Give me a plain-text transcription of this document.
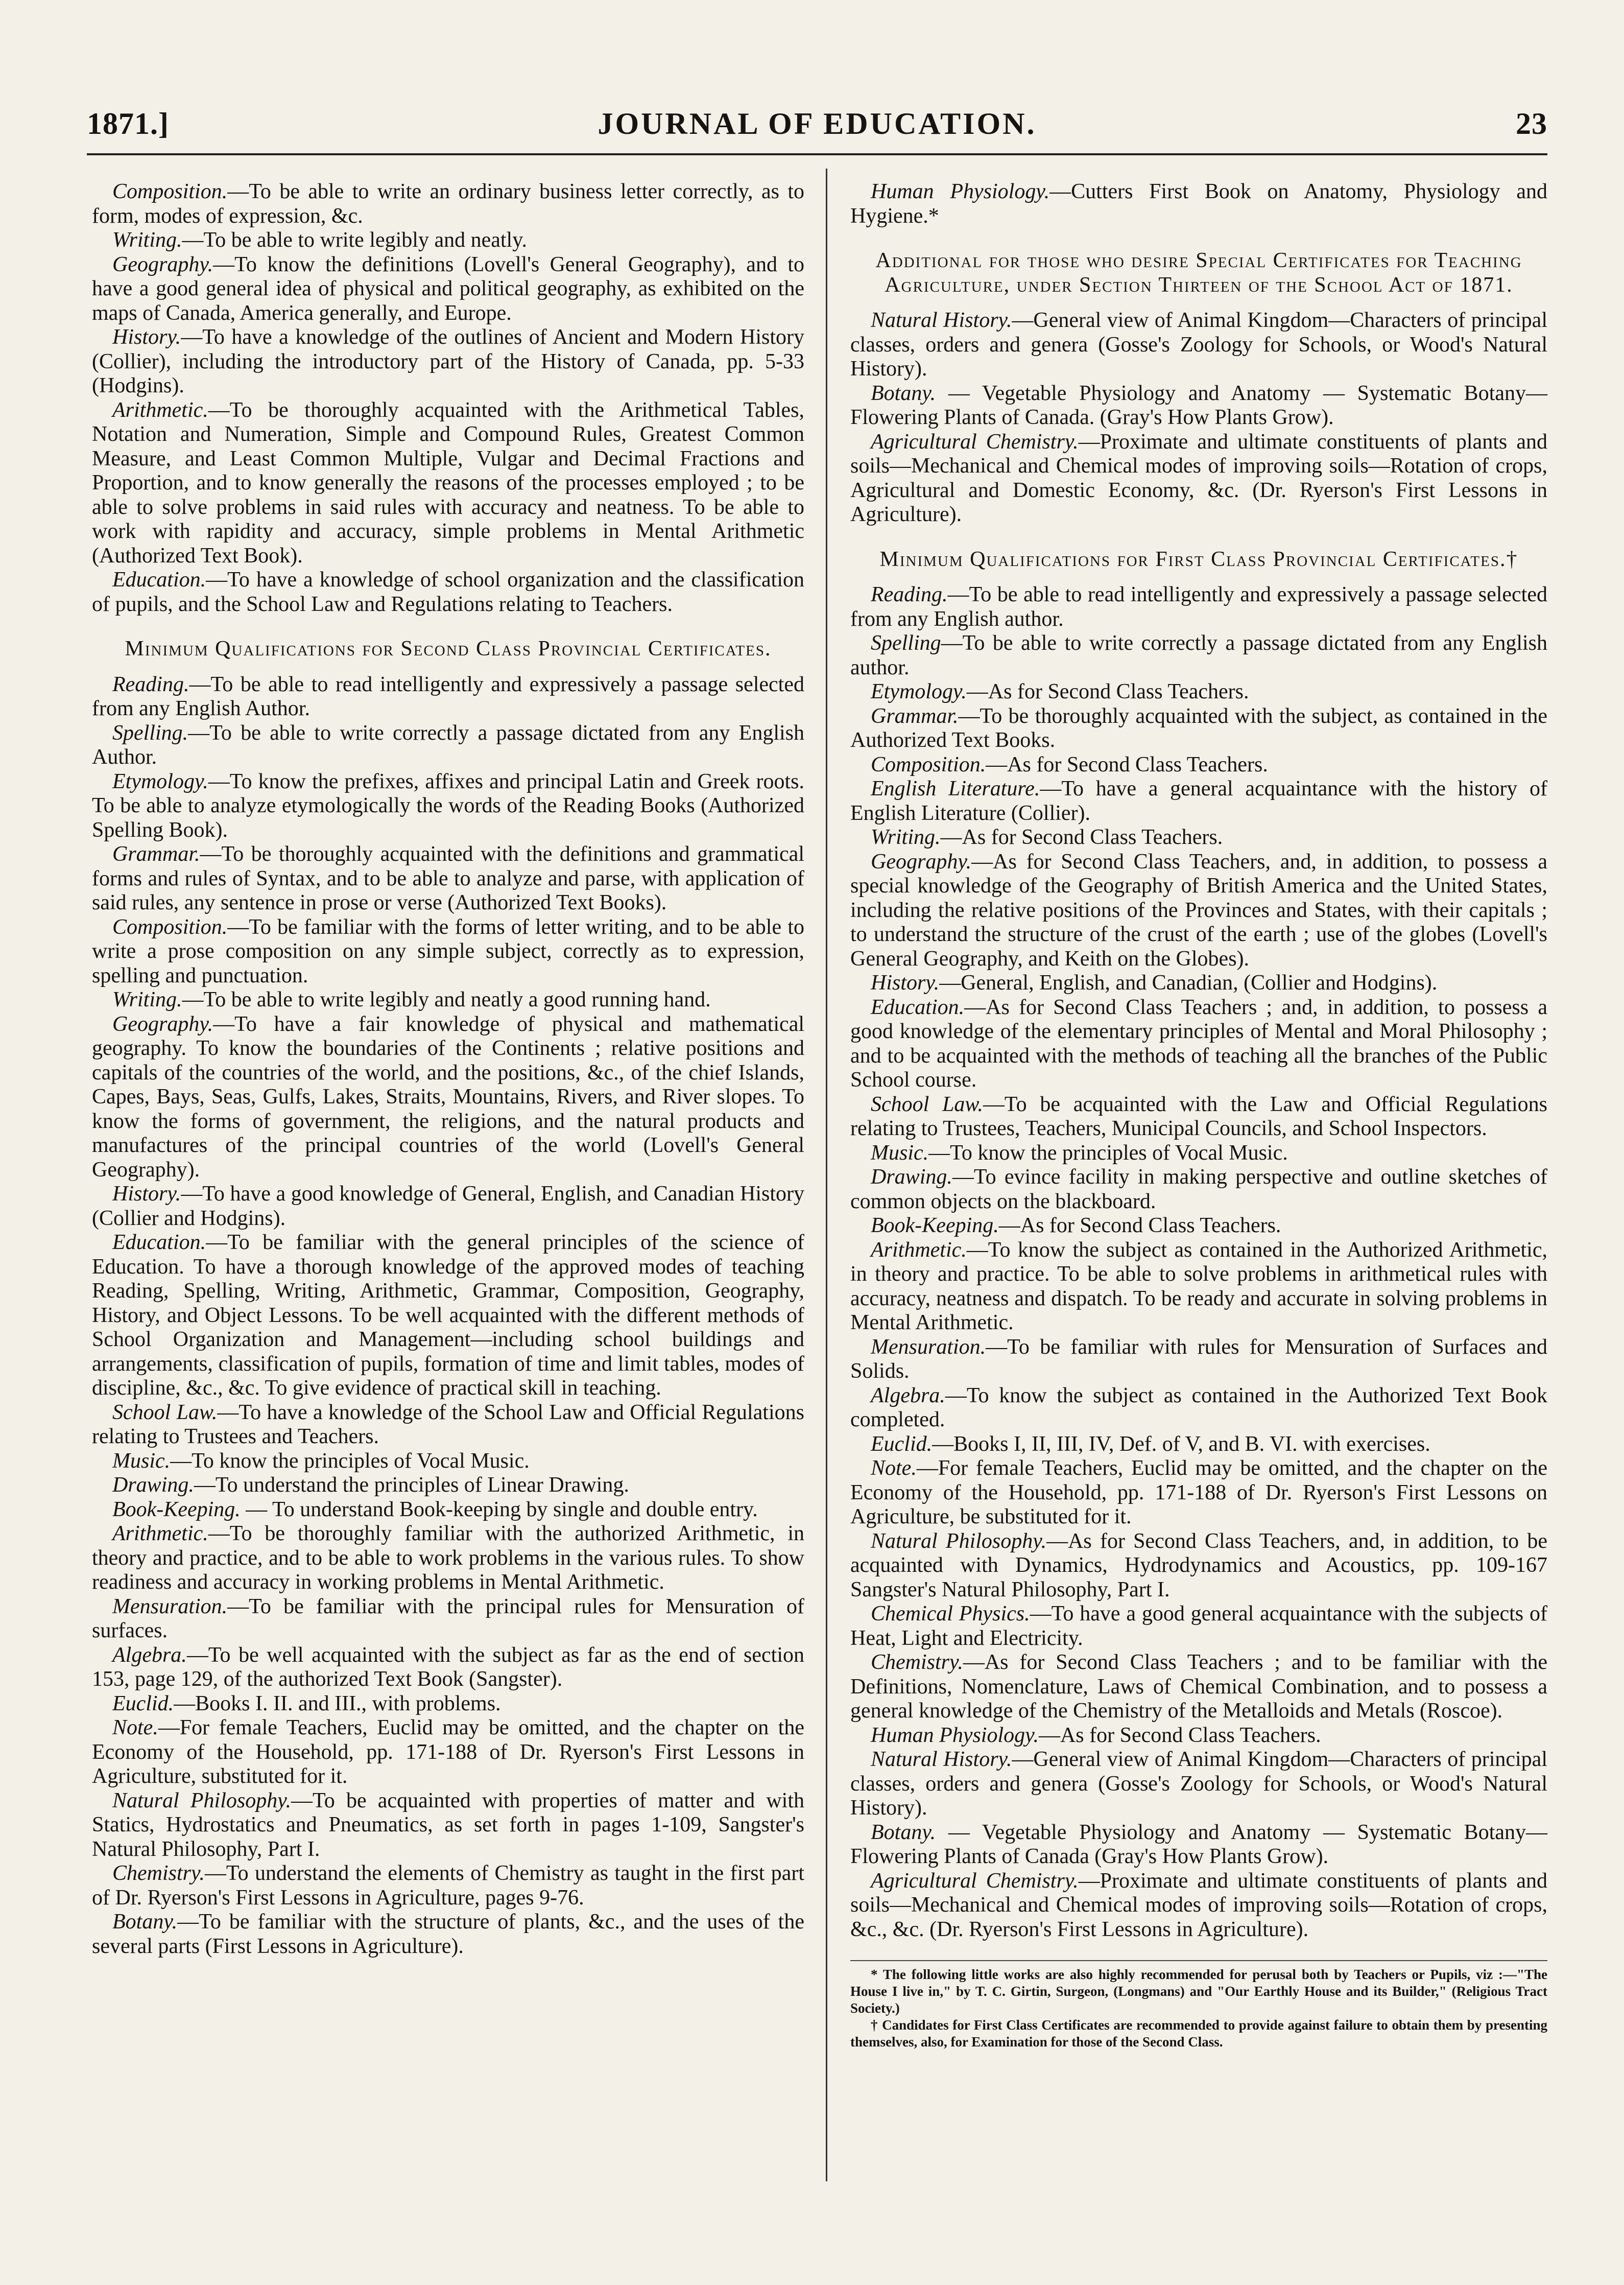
1871.]	JOURNAL OF EDUCATION.	23

Composition.—To be able to write an ordinary business letter correctly, as to form, modes of expression, &c.

Writing.—To be able to write legibly and neatly.

Geography.—To know the definitions (Lovell's General Geography), and to have a good general idea of physical and political geography, as exhibited on the maps of Canada, America generally, and Europe.

History.—To have a knowledge of the outlines of Ancient and Modern History (Collier), including the introductory part of the History of Canada, pp. 5-33 (Hodgins).

Arithmetic.—To be thoroughly acquainted with the Arithmetical Tables, Notation and Numeration, Simple and Compound Rules, Greatest Common Measure, and Least Common Multiple, Vulgar and Decimal Fractions and Proportion, and to know generally the reasons of the processes employed ; to be able to solve problems in said rules with accuracy and neatness. To be able to work with rapidity and accuracy, simple problems in Mental Arithmetic (Authorized Text Book).

Education.—To have a knowledge of school organization and the classification of pupils, and the School Law and Regulations relating to Teachers.

Minimum Qualifications for Second Class Provincial Certificates.

Reading.—To be able to read intelligently and expressively a passage selected from any English Author.

Spelling.—To be able to write correctly a passage dictated from any English Author.

Etymology.—To know the prefixes, affixes and principal Latin and Greek roots. To be able to analyze etymologically the words of the Reading Books (Authorized Spelling Book).

Grammar.—To be thoroughly acquainted with the definitions and grammatical forms and rules of Syntax, and to be able to analyze and parse, with application of said rules, any sentence in prose or verse (Authorized Text Books).

Composition.—To be familiar with the forms of letter writing, and to be able to write a prose composition on any simple subject, correctly as to expression, spelling and punctuation.

Writing.—To be able to write legibly and neatly a good running hand.

Geography.—To have a fair knowledge of physical and mathematical geography. To know the boundaries of the Continents ; relative positions and capitals of the countries of the world, and the positions, &c., of the chief Islands, Capes, Bays, Seas, Gulfs, Lakes, Straits, Mountains, Rivers, and River slopes. To know the forms of government, the religions, and the natural products and manufactures of the principal countries of the world (Lovell's General Geography).

History.—To have a good knowledge of General, English, and Canadian History (Collier and Hodgins).

Education.—To be familiar with the general principles of the science of Education. To have a thorough knowledge of the approved modes of teaching Reading, Spelling, Writing, Arithmetic, Grammar, Composition, Geography, History, and Object Lessons. To be well acquainted with the different methods of School Organization and Management—including school buildings and arrangements, classification of pupils, formation of time and limit tables, modes of discipline, &c., &c. To give evidence of practical skill in teaching.

School Law.—To have a knowledge of the School Law and Official Regulations relating to Trustees and Teachers.

Music.—To know the principles of Vocal Music.

Drawing.—To understand the principles of Linear Drawing.

Book-Keeping. — To understand Book-keeping by single and double entry.

Arithmetic.—To be thoroughly familiar with the authorized Arithmetic, in theory and practice, and to be able to work problems in the various rules. To show readiness and accuracy in working problems in Mental Arithmetic.

Mensuration.—To be familiar with the principal rules for Mensuration of surfaces.

Algebra.—To be well acquainted with the subject as far as the end of section 153, page 129, of the authorized Text Book (Sangster).

Euclid.—Books I. II. and III., with problems.

Note.—For female Teachers, Euclid may be omitted, and the chapter on the Economy of the Household, pp. 171-188 of Dr. Ryerson's First Lessons in Agriculture, substituted for it.

Natural Philosophy.—To be acquainted with properties of matter and with Statics, Hydrostatics and Pneumatics, as set forth in pages 1-109, Sangster's Natural Philosophy, Part I.

Chemistry.—To understand the elements of Chemistry as taught in the first part of Dr. Ryerson's First Lessons in Agriculture, pages 9-76.

Botany.—To be familiar with the structure of plants, &c., and the uses of the several parts (First Lessons in Agriculture).

Human Physiology.—Cutters First Book on Anatomy, Physiology and Hygiene.*

Additional for those who desire Special Certificates for Teaching Agriculture, under Section Thirteen of the School Act of 1871.

Natural History.—General view of Animal Kingdom—Characters of principal classes, orders and genera (Gosse's Zoology for Schools, or Wood's Natural History).

Botany. — Vegetable Physiology and Anatomy — Systematic Botany—Flowering Plants of Canada. (Gray's How Plants Grow).

Agricultural Chemistry.—Proximate and ultimate constituents of plants and soils—Mechanical and Chemical modes of improving soils—Rotation of crops, Agricultural and Domestic Economy, &c. (Dr. Ryerson's First Lessons in Agriculture).

Minimum Qualifications for First Class Provincial Certificates.†

Reading.—To be able to read intelligently and expressively a passage selected from any English author.

Spelling—To be able to write correctly a passage dictated from any English author.

Etymology.—As for Second Class Teachers.

Grammar.—To be thoroughly acquainted with the subject, as contained in the Authorized Text Books.

Composition.—As for Second Class Teachers.

English Literature.—To have a general acquaintance with the history of English Literature (Collier).

Writing.—As for Second Class Teachers.

Geography.—As for Second Class Teachers, and, in addition, to possess a special knowledge of the Geography of British America and the United States, including the relative positions of the Provinces and States, with their capitals ; to understand the structure of the crust of the earth ; use of the globes (Lovell's General Geography, and Keith on the Globes).

History.—General, English, and Canadian, (Collier and Hodgins).

Education.—As for Second Class Teachers ; and, in addition, to possess a good knowledge of the elementary principles of Mental and Moral Philosophy ; and to be acquainted with the methods of teaching all the branches of the Public School course.

School Law.—To be acquainted with the Law and Official Regulations relating to Trustees, Teachers, Municipal Councils, and School Inspectors.

Music.—To know the principles of Vocal Music.

Drawing.—To evince facility in making perspective and outline sketches of common objects on the blackboard.

Book-Keeping.—As for Second Class Teachers.

Arithmetic.—To know the subject as contained in the Authorized Arithmetic, in theory and practice. To be able to solve problems in arithmetical rules with accuracy, neatness and dispatch. To be ready and accurate in solving problems in Mental Arithmetic.

Mensuration.—To be familiar with rules for Mensuration of Surfaces and Solids.

Algebra.—To know the subject as contained in the Authorized Text Book completed.

Euclid.—Books I, II, III, IV, Def. of V, and B. VI. with exercises.

Note.—For female Teachers, Euclid may be omitted, and the chapter on the Economy of the Household, pp. 171-188 of Dr. Ryerson's First Lessons on Agriculture, be substituted for it.

Natural Philosophy.—As for Second Class Teachers, and, in addition, to be acquainted with Dynamics, Hydrodynamics and Acoustics, pp. 109-167 Sangster's Natural Philosophy, Part I.

Chemical Physics.—To have a good general acquaintance with the subjects of Heat, Light and Electricity.

Chemistry.—As for Second Class Teachers ; and to be familiar with the Definitions, Nomenclature, Laws of Chemical Combination, and to possess a general knowledge of the Chemistry of the Metalloids and Metals (Roscoe).

Human Physiology.—As for Second Class Teachers.

Natural History.—General view of Animal Kingdom—Characters of principal classes, orders and genera (Gosse's Zoology for Schools, or Wood's Natural History).

Botany. — Vegetable Physiology and Anatomy — Systematic Botany—Flowering Plants of Canada (Gray's How Plants Grow).

Agricultural Chemistry.—Proximate and ultimate constituents of plants and soils—Mechanical and Chemical modes of improving soils—Rotation of crops, &c., &c. (Dr. Ryerson's First Lessons in Agriculture).

* The following little works are also highly recommended for perusal both by Teachers or Pupils, viz :—"The House I live in," by T. C. Girtin, Surgeon, (Longmans) and "Our Earthly House and its Builder," (Religious Tract Society.)

† Candidates for First Class Certificates are recommended to provide against failure to obtain them by presenting themselves, also, for Examination for those of the Second Class.
